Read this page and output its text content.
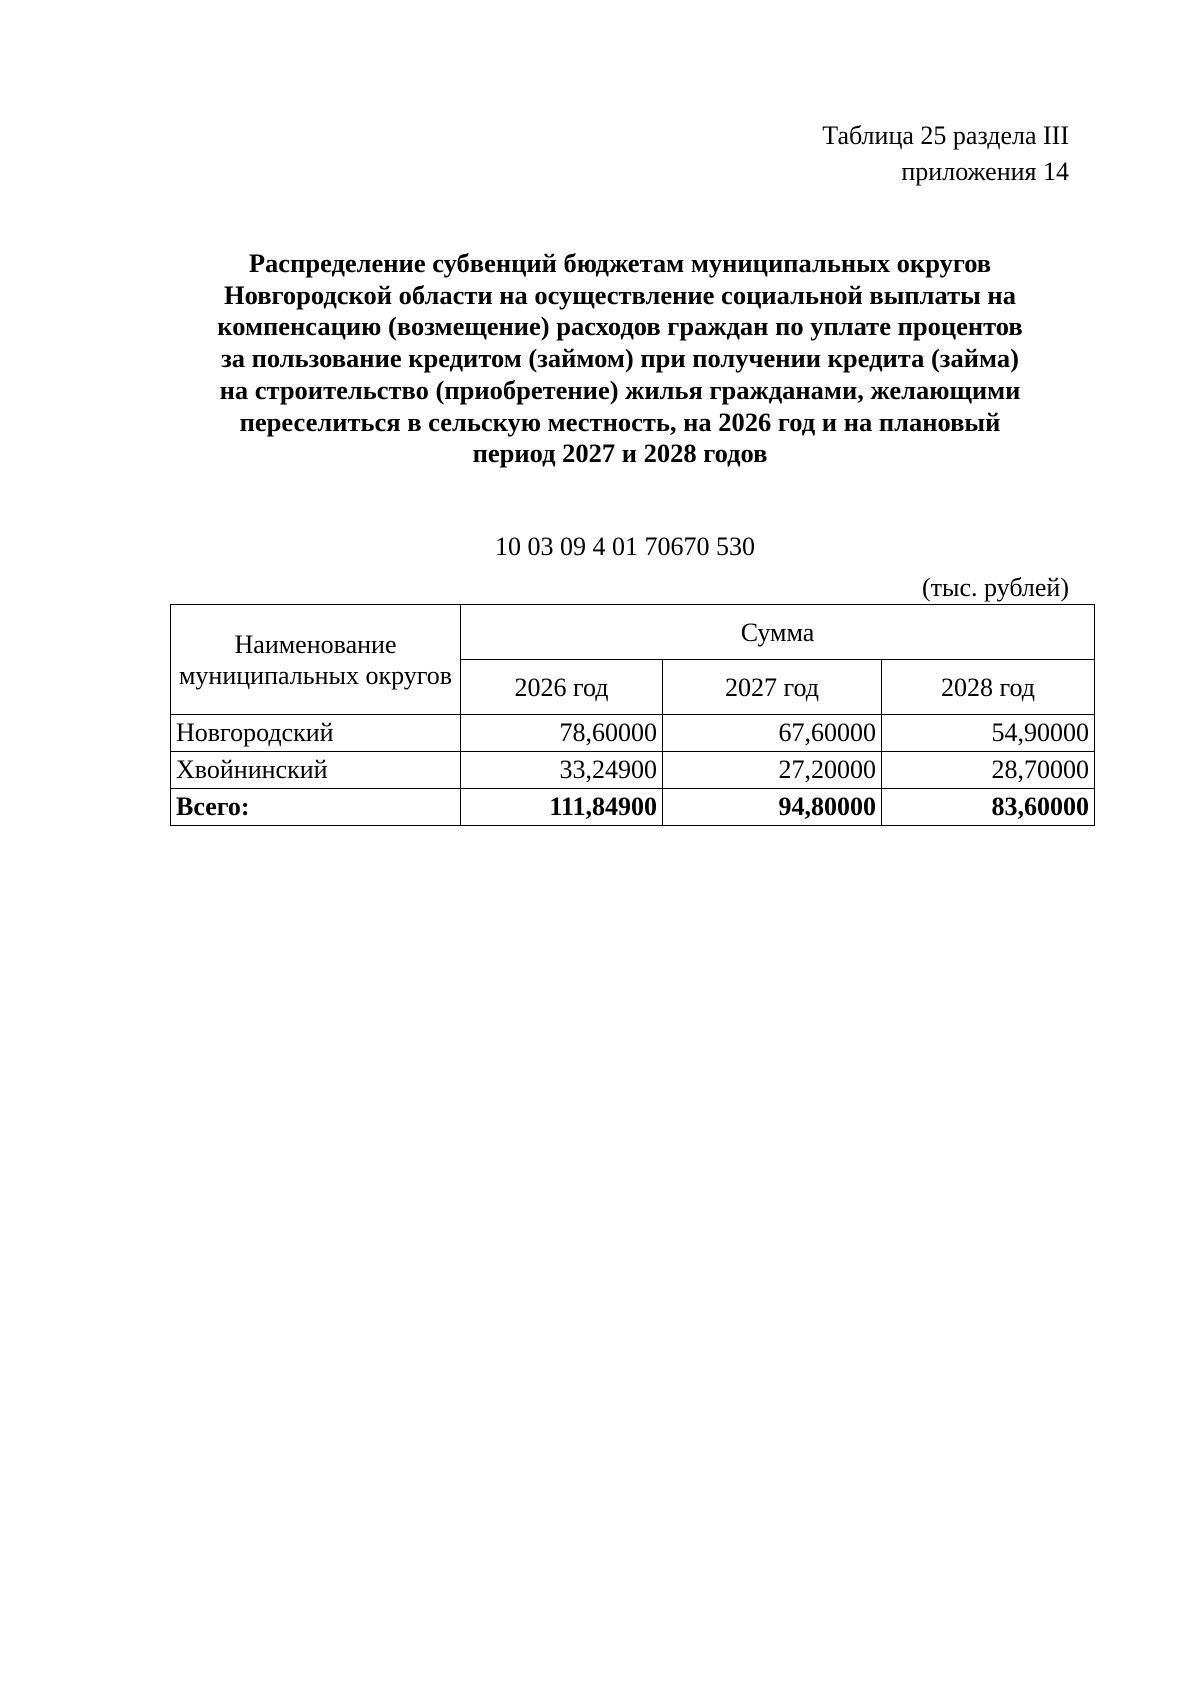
Таблица 25 раздела III
приложения 14
Распределение субвенций бюджетам муниципальных округов
Новгородской области на осуществление социальной выплаты на
компенсацию (возмещение) расходов граждан по уплате процентов
за пользование кредитом (займом) при получении кредита (займа)
на строительство (приобретение) жилья гражданами, желающими
переселиться в сельскую местность, на 2026 год и на плановый
период 2027 и 2028 годов
10 03 09 4 01 70670 530
(тыс. рублей)
Наименование муниципальных округов	Сумма		
	2026 год	2027 год	2028 год
Новгородский	78,60000	67,60000	54,90000
Хвойнинский	33,24900	27,20000	28,70000
Всего:	111,84900	94,80000	83,60000
